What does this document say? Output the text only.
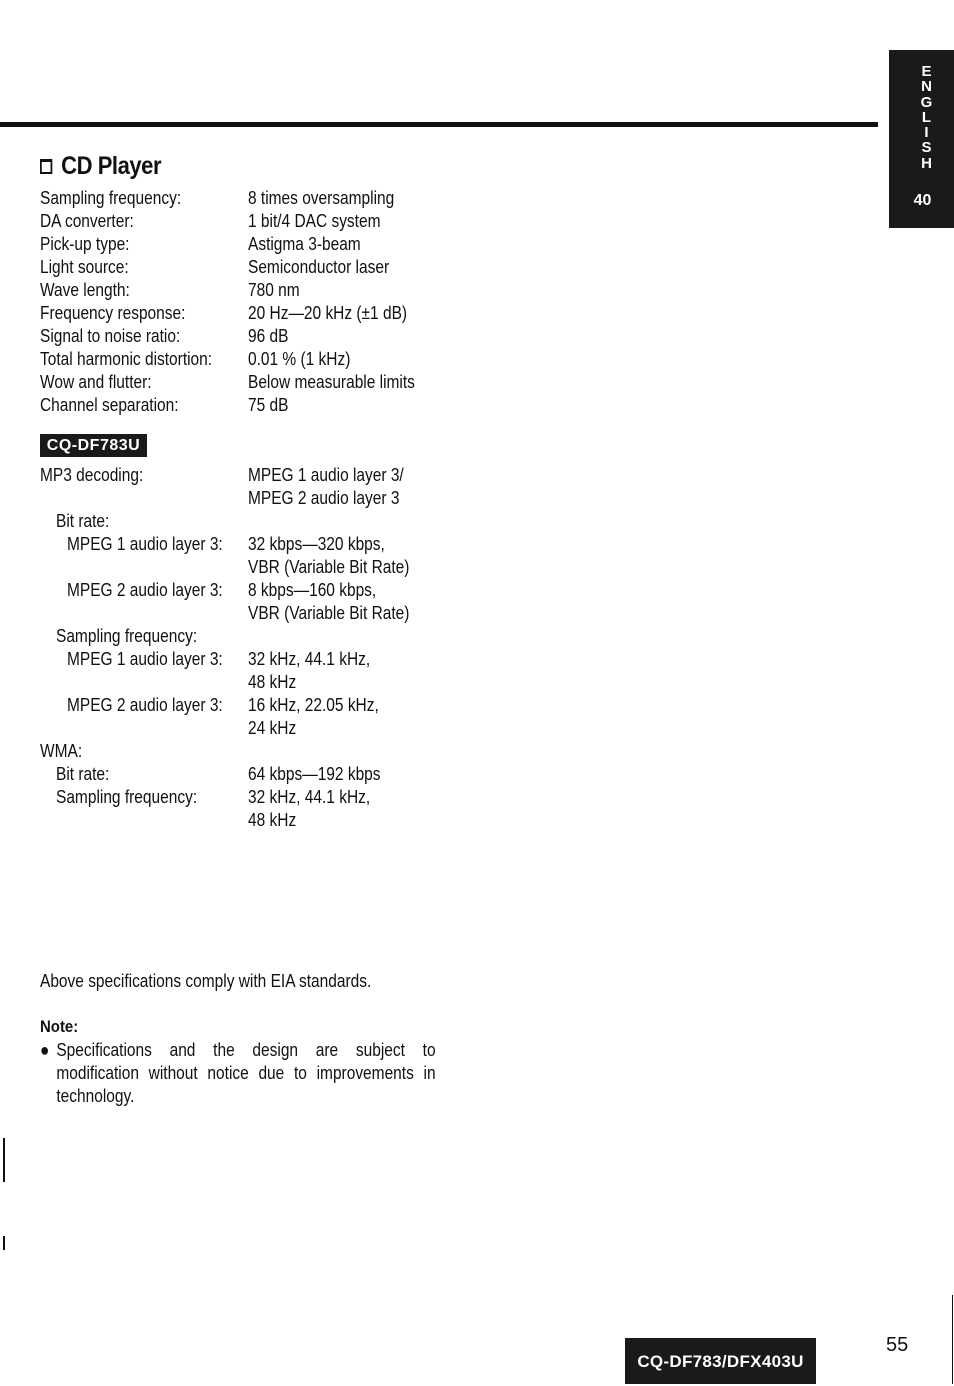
E
N
G
L
I
S
H
40
CD Player
Sampling frequency:	8 times oversampling
DA converter:	1 bit/4 DAC system
Pick-up type:	Astigma 3-beam
Light source:	Semiconductor laser
Wave length:	780 nm
Frequency response:	20 Hz—20 kHz (±1 dB)
Signal to noise ratio:	96 dB
Total harmonic distortion: 0.01 % (1 kHz)
Wow and flutter:	Below measurable limits
Channel separation:	75 dB
CQ-DF783U
MP3 decoding:	MPEG 1 audio layer 3/
MPEG 2 audio layer 3
Bit rate:
MPEG 1 audio layer 3: 32 kbps—320 kbps,
VBR (Variable Bit Rate)
MPEG 2 audio layer 3: 8 kbps—160 kbps,
VBR (Variable Bit Rate)
Sampling frequency:
MPEG 1 audio layer 3: 32 kHz, 44.1 kHz,
48 kHz
MPEG 2 audio layer 3: 16 kHz, 22.05 kHz,
24 kHz
WMA:
Bit rate:	64 kbps—192 kbps
Sampling frequency:	32 kHz, 44.1 kHz,
48 kHz
Above specifications comply with EIA standards.
Note:
● Specifications and the design are subject to modification without notice due to improvements in technology.
CQ-DF783/DFX403U
55
